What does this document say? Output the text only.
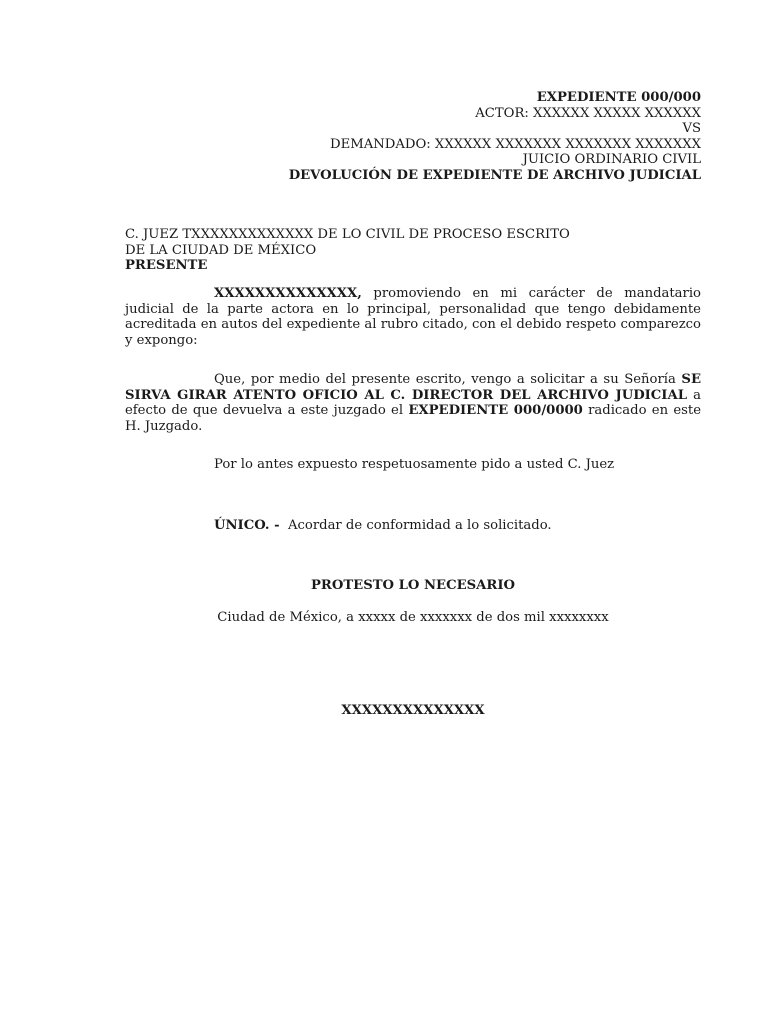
EXPEDIENTE 000/000
ACTOR: XXXXXX XXXXX XXXXXX
VS
DEMANDADO: XXXXXX XXXXXXX XXXXXXX XXXXXXX
JUICIO ORDINARIO CIVIL
DEVOLUCIÓN DE EXPEDIENTE DE ARCHIVO JUDICIAL
C. JUEZ TXXXXXXXXXXXXX DE LO CIVIL DE PROCESO ESCRITO
DE LA CIUDAD DE MÉXICO
PRESENTE
XXXXXXXXXXXXXX, promoviendo en mi carácter de mandatario judicial de la parte actora en lo principal, personalidad que tengo debidamente acreditada en autos del expediente al rubro citado, con el debido respeto comparezco y expongo:
Que, por medio del presente escrito, vengo a solicitar a su Señoría SE SIRVA GIRAR ATENTO OFICIO AL C. DIRECTOR DEL ARCHIVO JUDICIAL a efecto de que devuelva a este juzgado el EXPEDIENTE 000/0000 radicado en este H. Juzgado.
Por lo antes expuesto respetuosamente pido a usted C. Juez
ÚNICO. -  Acordar de conformidad a lo solicitado.
PROTESTO LO NECESARIO
Ciudad de México, a xxxxx de xxxxxxx de dos mil xxxxxxxx
XXXXXXXXXXXXXX
